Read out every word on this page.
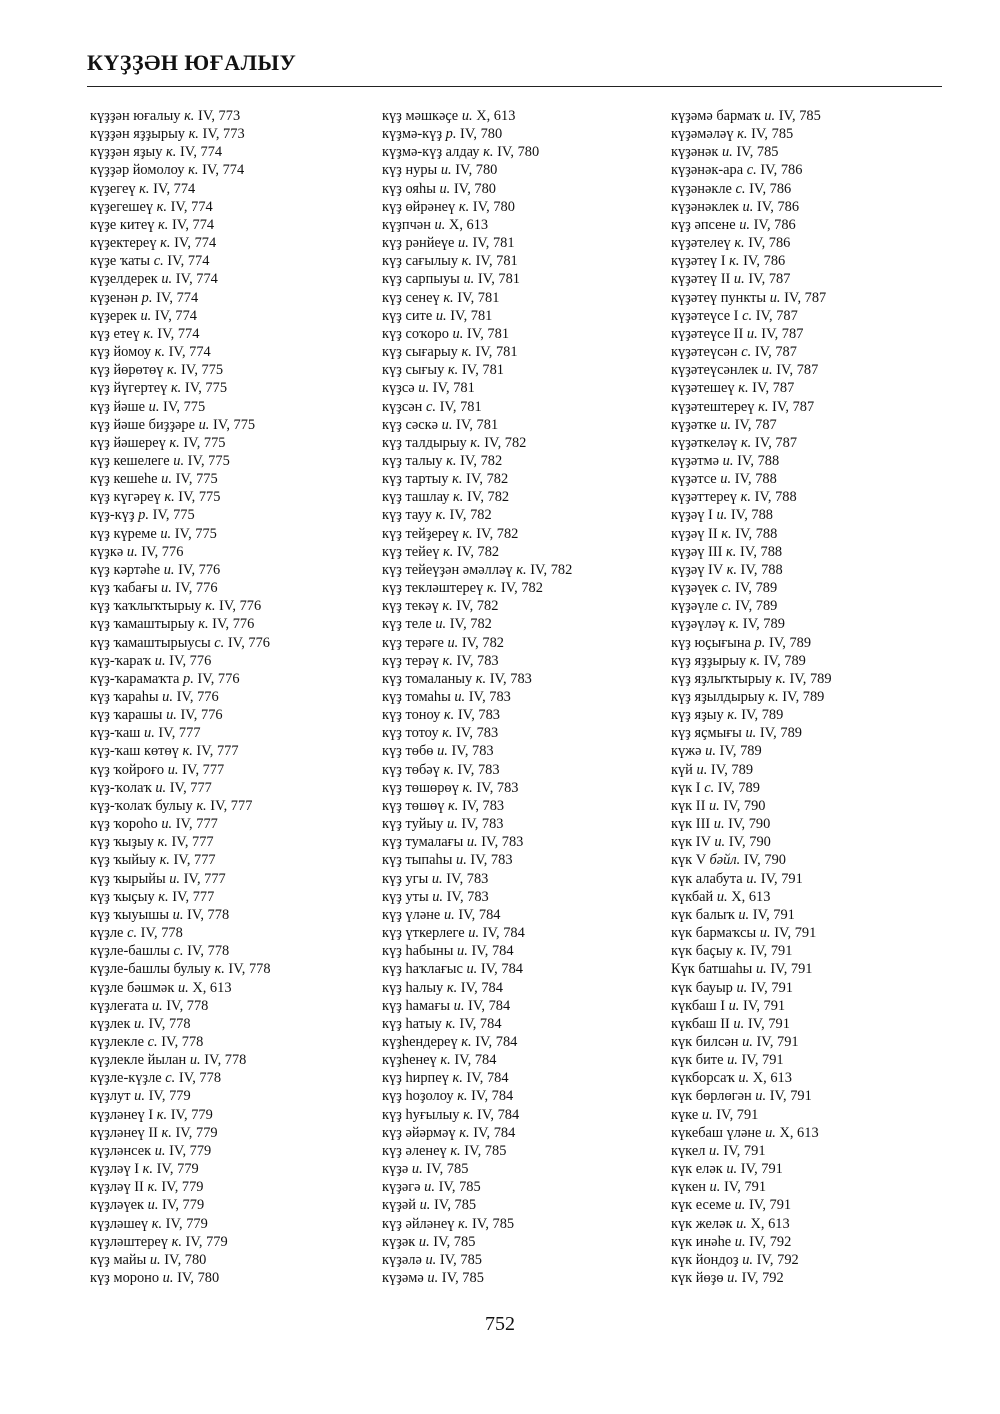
КҮҘҘӘН ЮҒАЛЫУ
күҙҙән юғалыу к. IV, 773
күҙҙән яҙҙырыу к. IV, 773
күҙҙән яҙыу к. IV, 774
күҙҙәр йомолоу к. IV, 774
күҙегеү к. IV, 774
күҙегешеү к. IV, 774
күҙе китеү к. IV, 774
күҙектереү к. IV, 774
күҙе ҡаты с. IV, 774
күҙелдерек и. IV, 774
күҙенән р. IV, 774
күҙерек и. IV, 774
күҙ етеү к. IV, 774
күҙ йомоу к. IV, 774
күҙ йөрөтөү к. IV, 775
күҙ йүгертеү к. IV, 775
күҙ йәше и. IV, 775
күҙ йәше биҙҙәре и. IV, 775
күҙ йәшереү к. IV, 775
күҙ кешелеге и. IV, 775
күҙ кешеһе и. IV, 775
күҙ күгәреү к. IV, 775
күҙ-күҙ р. IV, 775
күҙ күреме и. IV, 775
күҙкә и. IV, 776
күҙ кәртәһе и. IV, 776
күҙ ҡабағы и. IV, 776
күҙ ҡаҡлыҡтырыу к. IV, 776
күҙ ҡамаштырыу к. IV, 776
күҙ ҡамаштырыусы с. IV, 776
күҙ-ҡараҡ и. IV, 776
күҙ-ҡарамаҡта р. IV, 776
күҙ ҡараһы и. IV, 776
күҙ ҡарашы и. IV, 776
күҙ-ҡаш и. IV, 777
күҙ-ҡаш көтөү к. IV, 777
күҙ ҡойроғо и. IV, 777
күҙ-ҡолаҡ и. IV, 777
күҙ-ҡолаҡ булыу к. IV, 777
күҙ ҡороһо и. IV, 777
күҙ ҡыҙыу к. IV, 777
күҙ ҡыйыу к. IV, 777
күҙ ҡырыйы и. IV, 777
күҙ ҡыҫыу к. IV, 777
күҙ ҡыуышы и. IV, 778
күҙле с. IV, 778
күҙле-башлы с. IV, 778
күҙле-башлы булыу к. IV, 778
күҙле бәшмәк и. X, 613
күҙлеғата и. IV, 778
күҙлек и. IV, 778
күҙлекле с. IV, 778
күҙлекле йылан и. IV, 778
күҙле-күҙле с. IV, 778
күҙлут и. IV, 779
күҙләнеү I к. IV, 779
күҙләнеү II к. IV, 779
күҙләнсек и. IV, 779
күҙләү I к. IV, 779
күҙләү II к. IV, 779
күҙләүек и. IV, 779
күҙләшеү к. IV, 779
күҙләштереү к. IV, 779
күҙ майы и. IV, 780
күҙ мороно и. IV, 780
күҙ мәшкәҫе и. X, 613
күҙмә-күҙ р. IV, 780
күҙмә-күҙ алдау к. IV, 780
күҙ нуры и. IV, 780
күҙ ояһы и. IV, 780
күҙ өйрәнеү к. IV, 780
күҙпчән и. X, 613
күҙ рәнйеүе и. IV, 781
күҙ сағылыу к. IV, 781
күҙ сарпыуы и. IV, 781
күҙ сенеү к. IV, 781
күҙ сите и. IV, 781
күҙ соҡоро и. IV, 781
күҙ сығарыу к. IV, 781
күҙ сығыу к. IV, 781
күҙсә и. IV, 781
күҙсән с. IV, 781
күҙ сәскә и. IV, 781
күҙ талдырыу к. IV, 782
күҙ талыу к. IV, 782
күҙ тартыу к. IV, 782
күҙ ташлау к. IV, 782
күҙ тауу к. IV, 782
күҙ тейҙереү к. IV, 782
күҙ тейеү к. IV, 782
күҙ тейеүҙән әмәлләү к. IV, 782
күҙ текләштереү к. IV, 782
күҙ текәү к. IV, 782
күҙ теле и. IV, 782
күҙ терәге и. IV, 782
күҙ терәү к. IV, 783
күҙ томаланыу к. IV, 783
күҙ томаһы и. IV, 783
күҙ тоноу к. IV, 783
күҙ тотоу к. IV, 783
күҙ төбө и. IV, 783
күҙ төбәү к. IV, 783
күҙ төшөрөү к. IV, 783
күҙ төшөү к. IV, 783
күҙ туйыу и. IV, 783
күҙ тумалағы и. IV, 783
күҙ тыпаһы и. IV, 783
күҙ угы и. IV, 783
күҙ уты и. IV, 783
күҙ үләне и. IV, 784
күҙ үткерлеге и. IV, 784
күҙ һабыны и. IV, 784
күҙ һаҡлағыс и. IV, 784
күҙ һалыу к. IV, 784
күҙ һамағы и. IV, 784
күҙ һатыу к. IV, 784
күҙһендереү к. IV, 784
күҙһенеү к. IV, 784
күҙ һирпеү к. IV, 784
күҙ һоҙолоу к. IV, 784
күҙ һуғылыу к. IV, 784
күҙ әйәрмәү к. IV, 784
күҙ әленеү к. IV, 785
күҙә и. IV, 785
күҙәгә и. IV, 785
күҙәй и. IV, 785
күҙ әйләнеү к. IV, 785
күҙәк и. IV, 785
күҙәлә и. IV, 785
күҙәмә и. IV, 785
күҙәмә бармаҡ и. IV, 785
күҙәмәләү к. IV, 785
күҙәнәк и. IV, 785
күҙәнәк-ара с. IV, 786
күҙәнәкле с. IV, 786
күҙәнәклек и. IV, 786
күҙ әпсене и. IV, 786
күҙәтелеү к. IV, 786
күҙәтеү I к. IV, 786
күҙәтеү II и. IV, 787
күҙәтеү пункты и. IV, 787
күҙәтеүсе I с. IV, 787
күҙәтеүсе II и. IV, 787
күҙәтеүсән с. IV, 787
күҙәтеүсәнлек и. IV, 787
күҙәтешеү к. IV, 787
күҙәтештереү к. IV, 787
күҙәтке и. IV, 787
күҙәткеләү к. IV, 787
күҙәтмә и. IV, 788
күҙәтсе и. IV, 788
күҙәттереү к. IV, 788
күҙәү I и. IV, 788
күҙәү II к. IV, 788
күҙәү III к. IV, 788
күҙәү IV к. IV, 788
күҙәүек с. IV, 789
күҙәүле с. IV, 789
күҙәүләү к. IV, 789
күҙ юҫығына р. IV, 789
күҙ яҙҙырыу к. IV, 789
күҙ яҙлыҡтырыу к. IV, 789
күҙ яҙылдырыу к. IV, 789
күҙ яҙыу к. IV, 789
күҙ яҫмығы и. IV, 789
күжә и. IV, 789
күй и. IV, 789
күк I с. IV, 789
күк II и. IV, 790
күк III и. IV, 790
күк IV и. IV, 790
күк V бәйл. IV, 790
күк алабута и. IV, 791
күкбай и. X, 613
күк балыҡ и. IV, 791
күк бармаҡсы и. IV, 791
күк баҫыу к. IV, 791
Күк батшаһы и. IV, 791
күк бауыр и. IV, 791
күкбаш I и. IV, 791
күкбаш II и. IV, 791
күк билсән и. IV, 791
күк бите и. IV, 791
күкборсаҡ и. X, 613
күк бөрлөгән и. IV, 791
күке и. IV, 791
күкебаш үләне и. X, 613
күкел и. IV, 791
күк еләк и. IV, 791
күкен и. IV, 791
күк есеме и. IV, 791
күк желәк и. X, 613
күк инәһе и. IV, 792
күк йондоҙ и. IV, 792
күк йөҙө и. IV, 792
752
